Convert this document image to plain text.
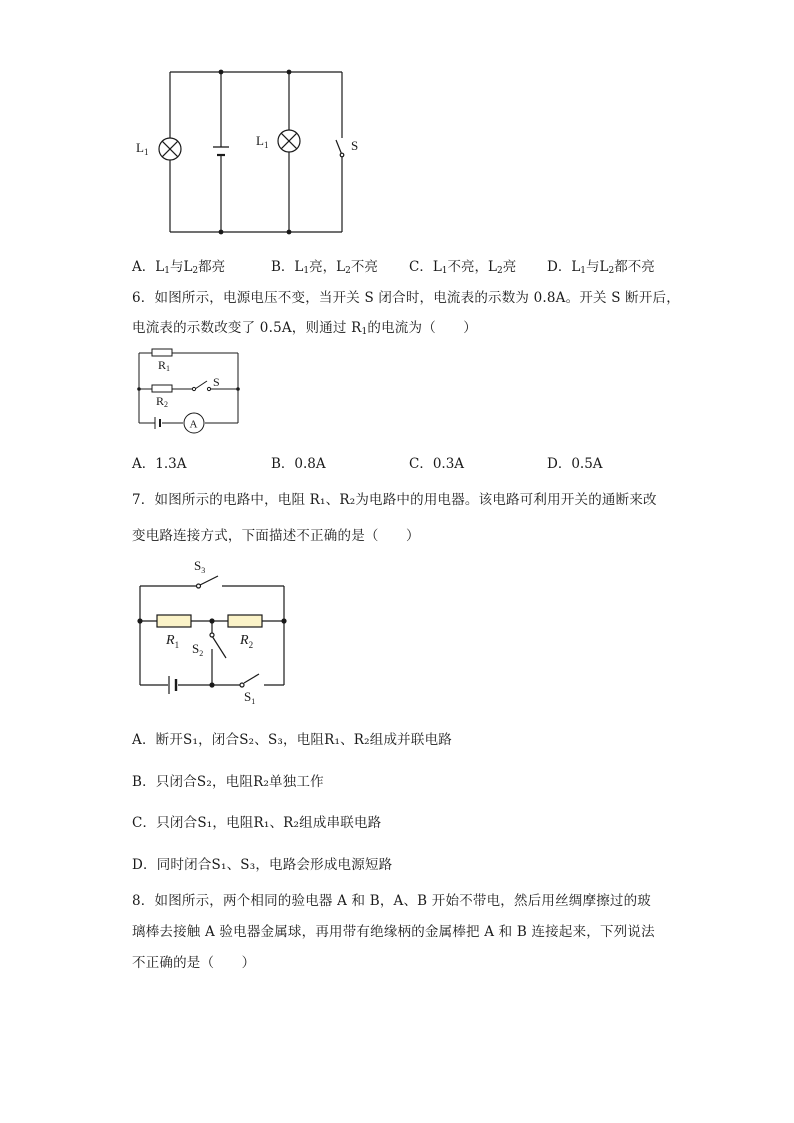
$L_1$
$L_1$	S
A．$L_1$与$L_2$都亮	B．$L_1$亮，$L_2$不亮 C．$L_1$不亮，$L_2$亮 D．$L_1$与$L_2$都不亮
6．如图所示，电源电压不变，当开关 S 闭合时，电流表的示数为 0.8A。开关 S 断开后，
电流表的示数改变了 0.5A，则通过 $R_1$的电流为（　　）
A
R1
R2
S
A．1.3A	B．0.8A	C．0.3A	D．0.5A
7．如图所示的电路中，电阻 R₁、R₂为电路中的用电器。该电路可利用开关的通断来改
变电路连接方式，下面描述不正确的是（　　）
$S_3$
$R_1$	$R_2$
$S_2$
$S_1$
A．断开S₁，闭合S₂、S₃，电阻R₁、R₂组成并联电路
B．只闭合S₂，电阻R₂单独工作
C．只闭合S₁，电阻R₁、R₂组成串联电路
D．同时闭合S₁、S₃，电路会形成电源短路
8．如图所示，两个相同的验电器 A 和 B，A、B 开始不带电，然后用丝绸摩擦过的玻
璃棒去接触 A 验电器金属球，再用带有绝缘柄的金属棒把 A 和 B 连接起来，下列说法
不正确的是（　　）
